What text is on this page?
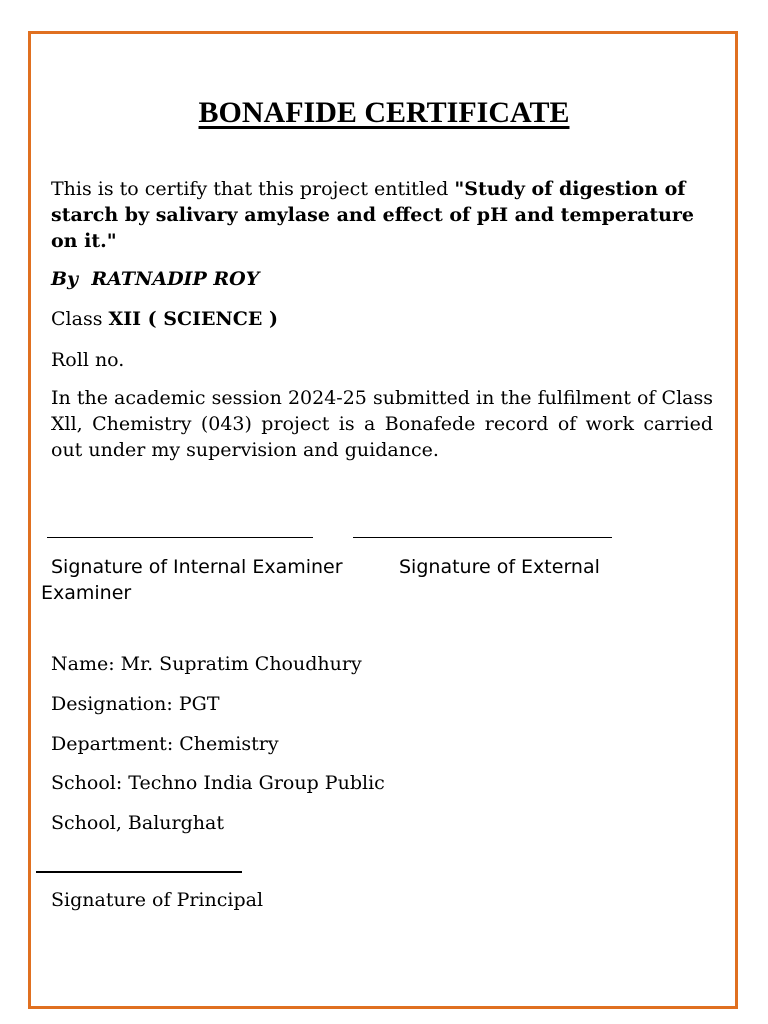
BONAFIDE CERTIFICATE

This is to certify that this project entitled "Study of digestion of starch by salivary amylase and effect of pH and temperature on it."

By RATNADIP ROY

Class XII ( SCIENCE )

Roll no.

In the academic session 2024-25 submitted in the fulfilment of Class Xll, Chemistry (043) project is a Bonafede record of work carried out under my supervision and guidance.

Signature of Internal Examiner	Signature of External
Examiner

Name: Mr. Supratim Choudhury

Designation: PGT

Department: Chemistry

School: Techno India Group Public

School, Balurghat

Signature of Principal
